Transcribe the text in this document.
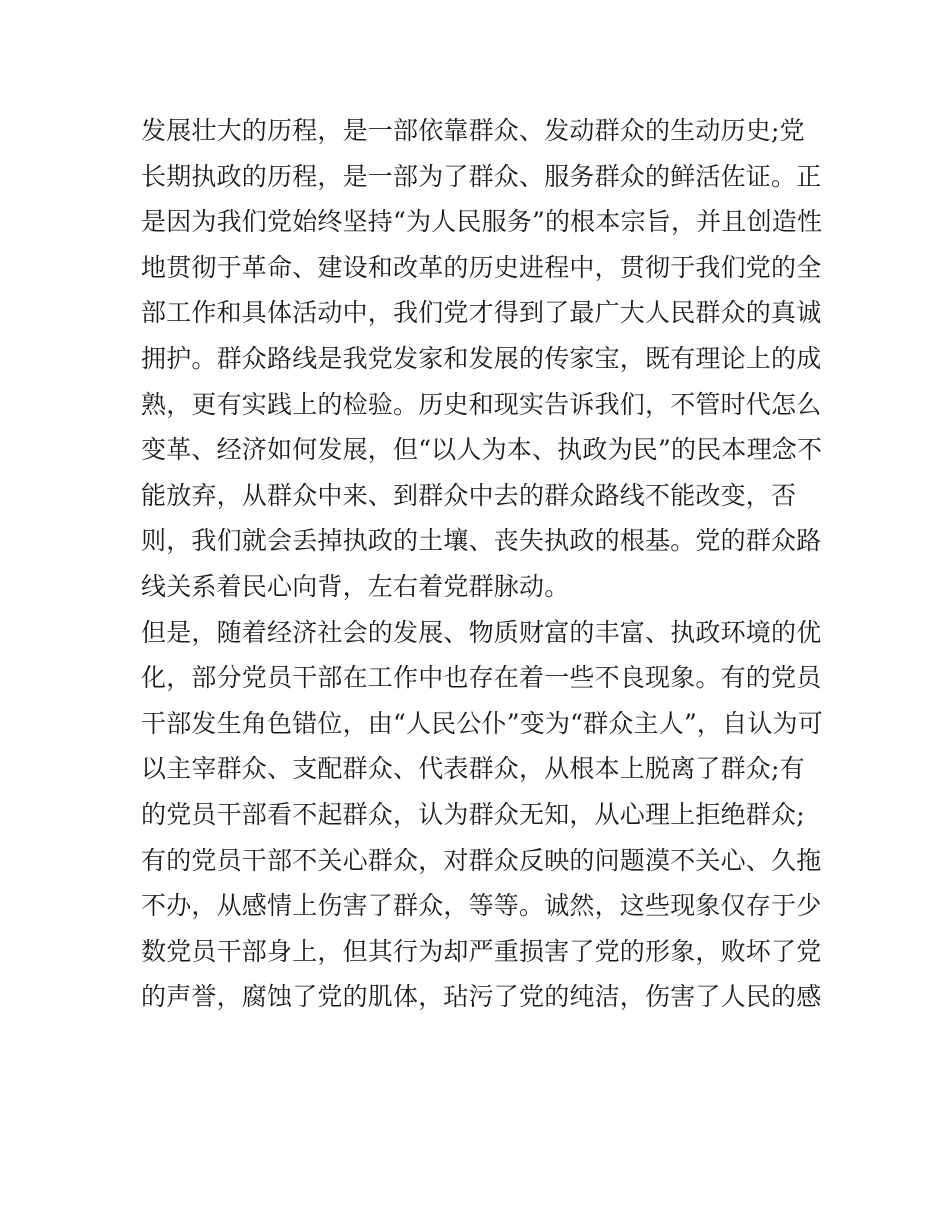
发展壮大的历程，是一部依靠群众、发动群众的生动历史;党
长期执政的历程，是一部为了群众、服务群众的鲜活佐证。正
是因为我们党始终坚持“为人民服务”的根本宗旨，并且创造性
地贯彻于革命、建设和改革的历史进程中，贯彻于我们党的全
部工作和具体活动中，我们党才得到了最广大人民群众的真诚
拥护。群众路线是我党发家和发展的传家宝，既有理论上的成
熟，更有实践上的检验。历史和现实告诉我们，不管时代怎么
变革、经济如何发展，但“以人为本、执政为民”的民本理念不
能放弃，从群众中来、到群众中去的群众路线不能改变，否
则，我们就会丢掉执政的土壤、丧失执政的根基。党的群众路
线关系着民心向背，左右着党群脉动。
但是，随着经济社会的发展、物质财富的丰富、执政环境的优
化，部分党员干部在工作中也存在着一些不良现象。有的党员
干部发生角色错位，由“人民公仆”变为“群众主人”，自认为可
以主宰群众、支配群众、代表群众，从根本上脱离了群众;有
的党员干部看不起群众，认为群众无知，从心理上拒绝群众;
有的党员干部不关心群众，对群众反映的问题漠不关心、久拖
不办，从感情上伤害了群众，等等。诚然，这些现象仅存于少
数党员干部身上，但其行为却严重损害了党的形象，败坏了党
的声誉，腐蚀了党的肌体，玷污了党的纯洁，伤害了人民的感
